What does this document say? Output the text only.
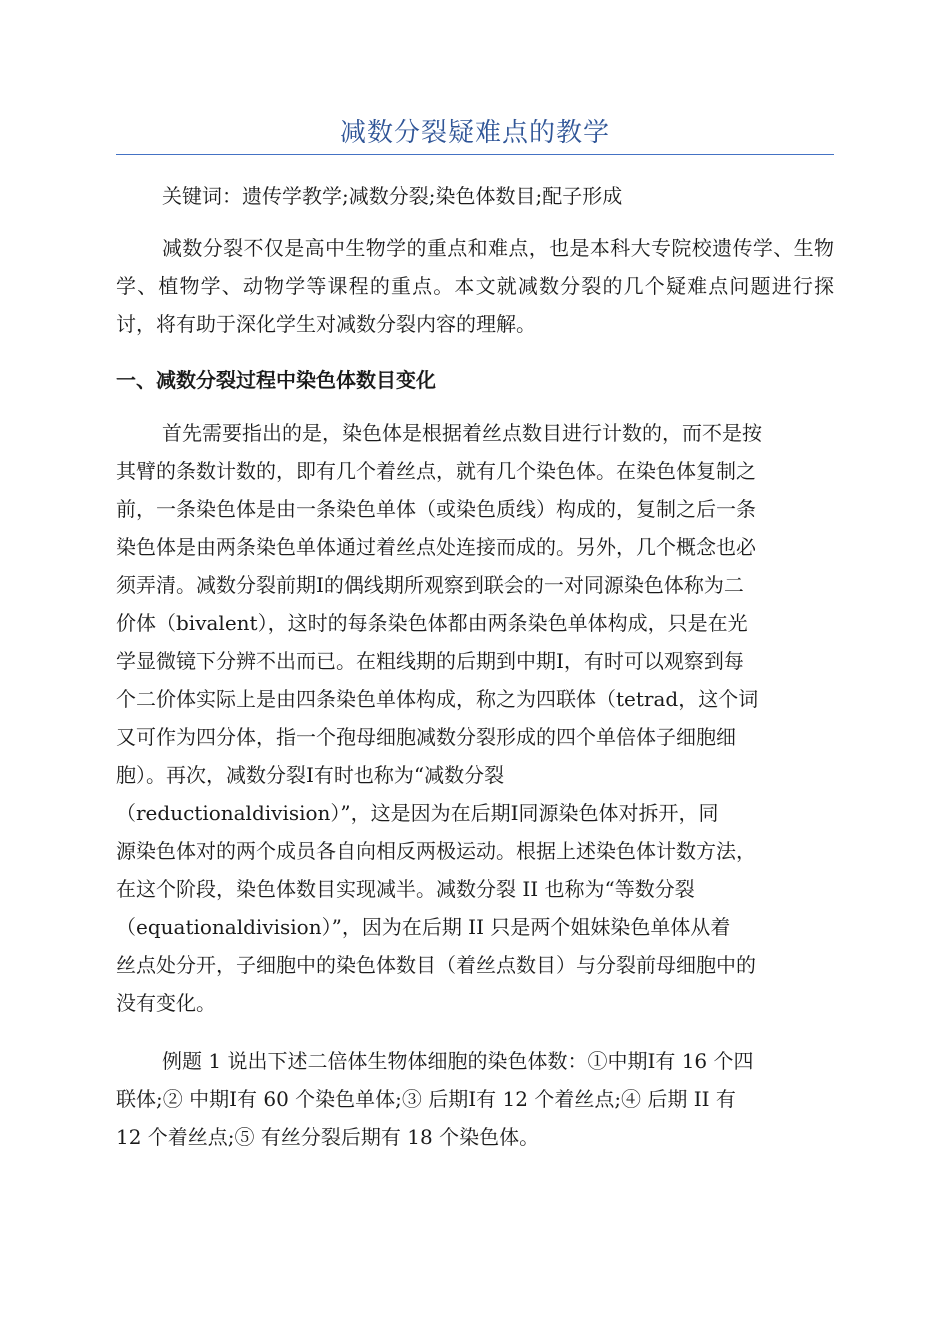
减数分裂疑难点的教学

关键词：遗传学教学;减数分裂;染色体数目;配子形成

减数分裂不仅是高中生物学的重点和难点，也是本科大专院校遗传学、生物学、植物学、动物学等课程的重点。本文就减数分裂的几个疑难点问题进行探讨，将有助于深化学生对减数分裂内容的理解。

一、减数分裂过程中染色体数目变化
首先需要指出的是，染色体是根据着丝点数目进行计数的，而不是按
其臂的条数计数的，即有几个着丝点，就有几个染色体。在染色体复制之
前，一条染色体是由一条染色单体（或染色质线）构成的，复制之后一条
染色体是由两条染色单体通过着丝点处连接而成的。另外，几个概念也必
须弄清。减数分裂前期Ⅰ的偶线期所观察到联会的一对同源染色体称为二
价体（bivalent），这时的每条染色体都由两条染色单体构成，只是在光
学显微镜下分辨不出而已。在粗线期的后期到中期Ⅰ，有时可以观察到每
个二价体实际上是由四条染色单体构成，称之为四联体（tetrad，这个词
又可作为四分体，指一个孢母细胞减数分裂形成的四个单倍体子细胞细
胞）。再次，减数分裂Ⅰ有时也称为“减数分裂
（reductionaldivision）”，这是因为在后期Ⅰ同源染色体对拆开，同
源染色体对的两个成员各自向相反两极运动。根据上述染色体计数方法，
在这个阶段，染色体数目实现减半。减数分裂 II 也称为“等数分裂
（equationaldivision）”，因为在后期 II 只是两个姐妹染色单体从着
丝点处分开，子细胞中的染色体数目（着丝点数目）与分裂前母细胞中的
没有变化。
例题 1 说出下述二倍体生物体细胞的染色体数：①中期Ⅰ有 16 个四
联体;② 中期Ⅰ有 60 个染色单体;③ 后期Ⅰ有 12 个着丝点;④ 后期 II 有
12 个着丝点;⑤ 有丝分裂后期有 18 个染色体。
